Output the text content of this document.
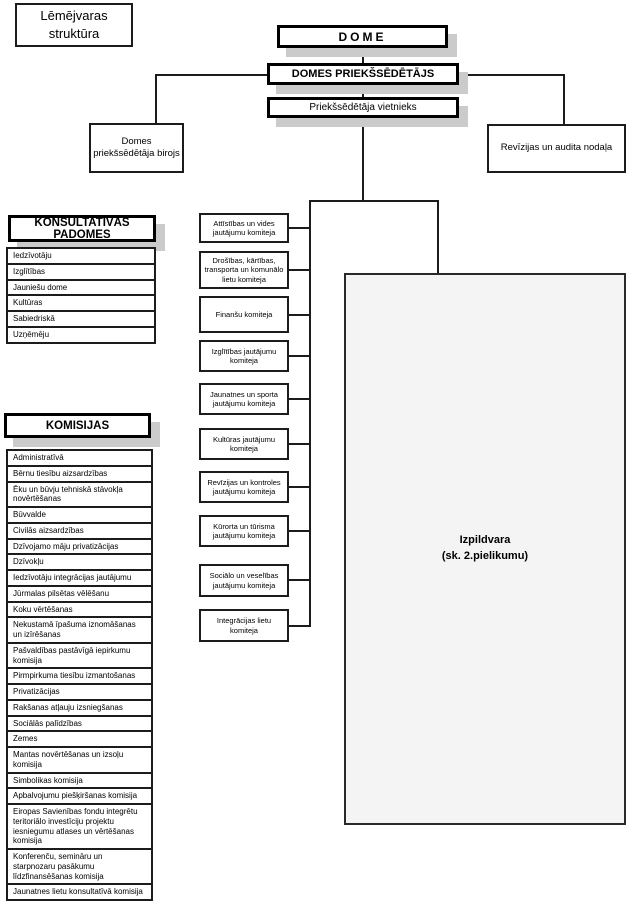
Izpildvara
(sk. 2.pielikumu)
Lēmējvaras
struktūra	DOME
DOMES PRIEKŠSĒDĒTĀJS
Priekšsēdētāja vietnieks
Domes priekšsēdētāja birojs
Revīzijas un audita nodaļa
KONSULTATĪVĀS PADOMES
Iedzīvotāju
Izglītības
Jauniešu dome
Kultūras
Sabiedriskā
Uzņēmēju
Attīstības un vides jautājumu komiteja
Drošības, kārtības, transporta un komunālo lietu komiteja
Finanšu komiteja
Izglītības jautājumu komiteja
Jaunatnes un sporta jautājumu komiteja
Kultūras jautājumu komiteja
Revīzijas un kontroles jautājumu komiteja
Kūrorta un tūrisma jautājumu komiteja
Sociālo un veselības jautājumu komiteja
Integrācijas lietu komiteja
KOMISIJAS
Administratīvā
Bērnu tiesību aizsardzības
Ēku un būvju tehniskā stāvokļa novērtēšanas
Būvvalde
Civilās aizsardzības
Dzīvojamo māju privatizācijas
Dzīvokļu
Iedzīvotāju integrācijas jautājumu
Jūrmalas pilsētas vēlēšanu
Koku vērtēšanas
Nekustamā īpašuma iznomāšanas un izīrēšanas
Pašvaldības pastāvīgā iepirkumu komisija
Pirmpirkuma tiesību izmantošanas
Privatizācijas
Rakšanas atļauju izsniegšanas
Sociālās palīdzības
Zemes
Mantas novērtēšanas un izsoļu komisija
Simbolikas komisija
Apbalvojumu piešķiršanas komisija
Eiropas Savienības fondu integrētu teritoriālo investīciju projektu iesniegumu atlases un vērtēšanas komisija
Konferenču, semināru un starpnozaru pasākumu līdzfinansēšanas komisija
Jaunatnes lietu konsultatīvā komisija
